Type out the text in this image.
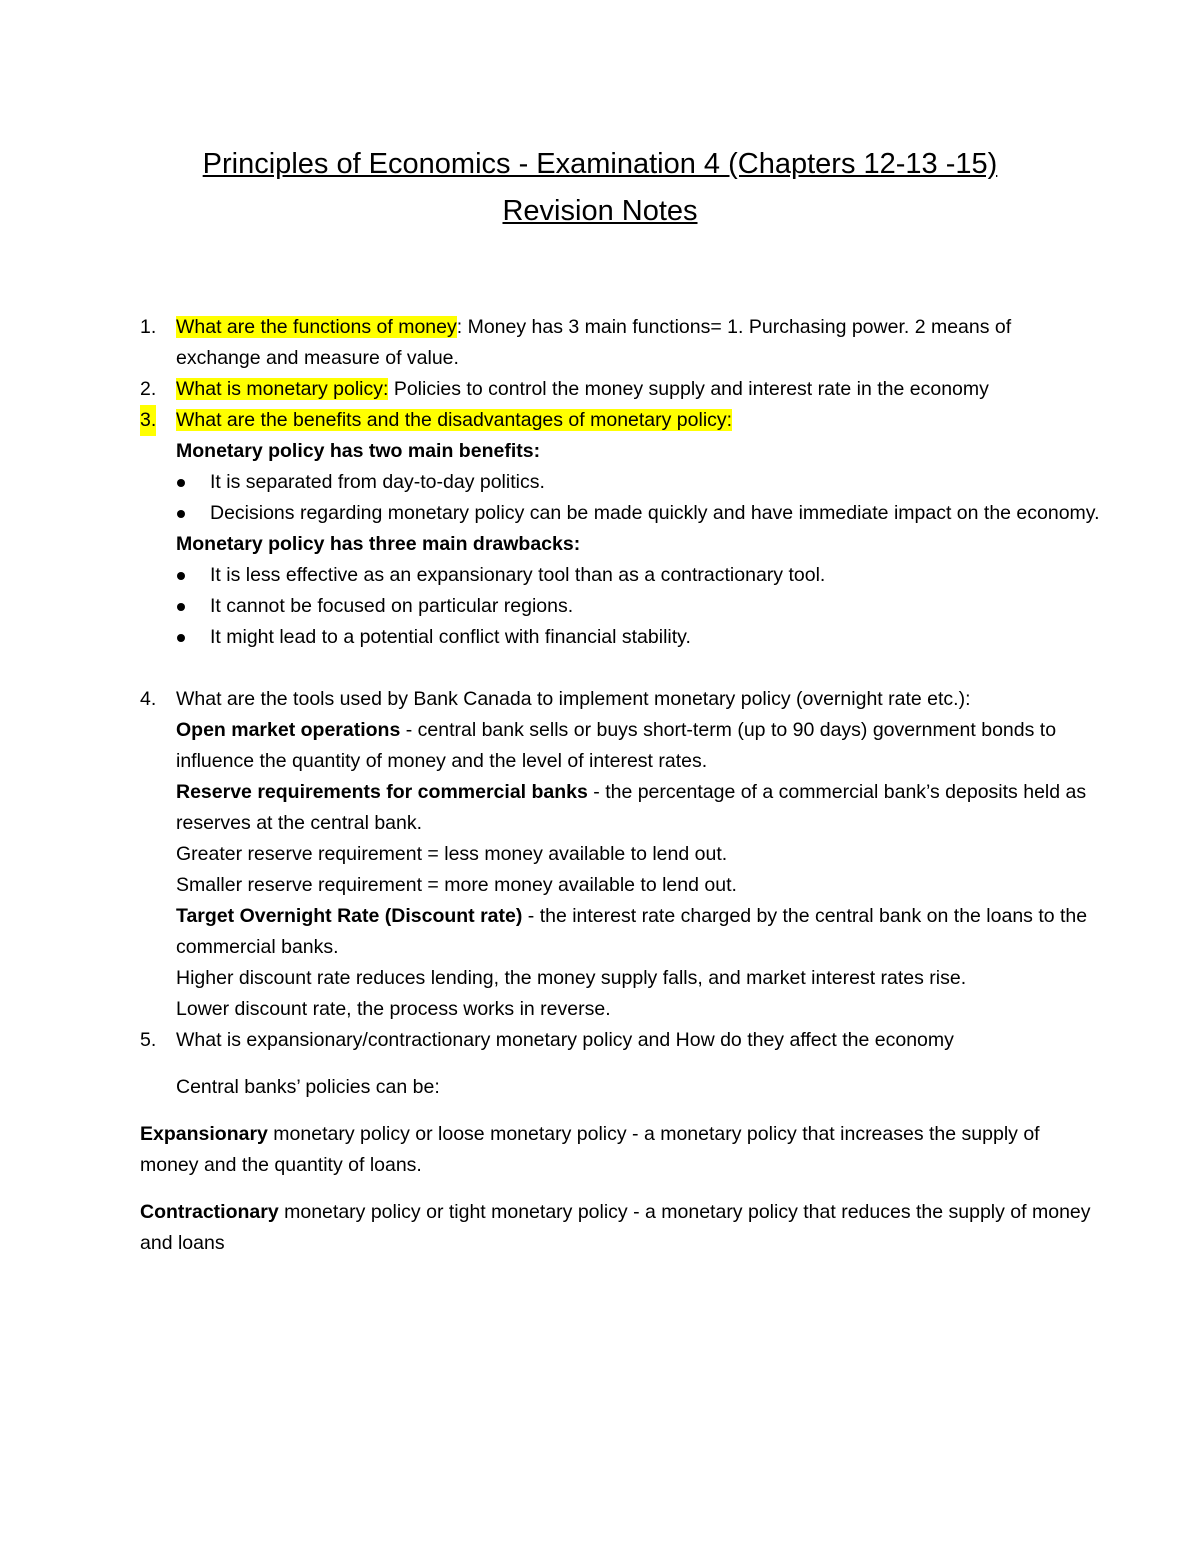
Principles of Economics - Examination 4 (Chapters 12-13 -15)
Revision Notes
1. What are the functions of money: Money has 3 main functions= 1. Purchasing power. 2 means of exchange and measure of value.
2. What is monetary policy: Policies to control the money supply and interest rate in the economy
3. What are the benefits and the disadvantages of monetary policy:
Monetary policy has two main benefits:
It is separated from day-to-day politics.
Decisions regarding monetary policy can be made quickly and have immediate impact on the economy.
Monetary policy has three main drawbacks:
It is less effective as an expansionary tool than as a contractionary tool.
It cannot be focused on particular regions.
It might lead to a potential conflict with financial stability.
4. What are the tools used by Bank Canada to implement monetary policy (overnight rate etc.):
Open market operations - central bank sells or buys short-term (up to 90 days) government bonds to influence the quantity of money and the level of interest rates.
Reserve requirements for commercial banks - the percentage of a commercial bank’s deposits held as reserves at the central bank.
Greater reserve requirement = less money available to lend out.
Smaller reserve requirement = more money available to lend out.
Target Overnight Rate (Discount rate) - the interest rate charged by the central bank on the loans to the commercial banks.
Higher discount rate reduces lending, the money supply falls, and market interest rates rise.
Lower discount rate, the process works in reverse.
5. What is expansionary/contractionary monetary policy and How do they affect the economy
Central banks’ policies can be:
Expansionary monetary policy or loose monetary policy - a monetary policy that increases the supply of money and the quantity of loans.
Contractionary monetary policy or tight monetary policy - a monetary policy that reduces the supply of money and loans
